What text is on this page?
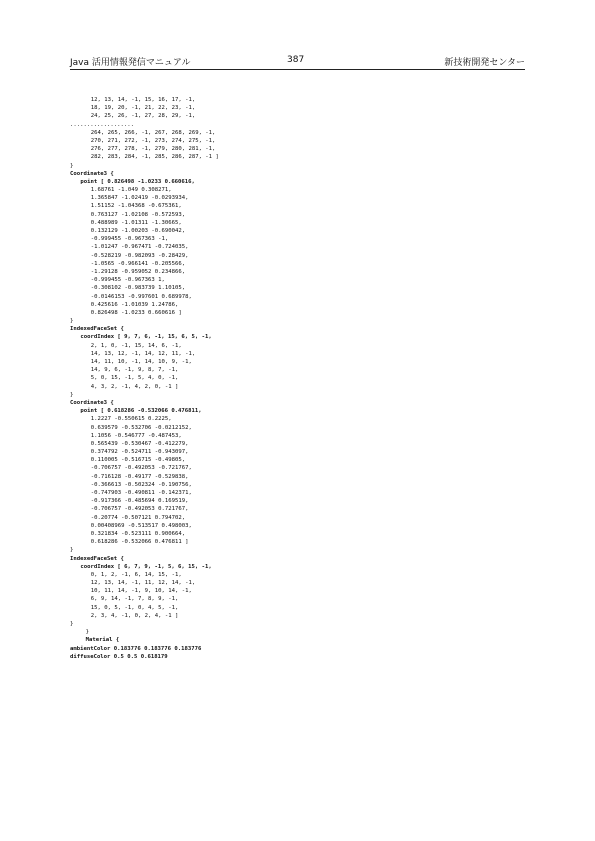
Java 活用情報発信マニュアル	387	新技術開発センター
12, 13, 14, -1, 15, 16, 17, -1,
18, 19, 20, -1, 21, 22, 23, -1,
24, 25, 26, -1, 27, 28, 29, -1,
...................
264, 265, 266, -1, 267, 268, 269, -1,
270, 271, 272, -1, 273, 274, 275, -1,
276, 277, 278, -1, 279, 280, 281, -1,
282, 283, 284, -1, 285, 286, 287, -1 ]
}
Coordinate3 {
point [ 0.826498 -1.0233 0.660616,
1.68761 -1.049 0.308271,
1.365847 -1.02419 -0.0293934,
1.51152 -1.04368 -0.675361,
0.763127 -1.02108 -0.572593,
0.488989 -1.01311 -1.30665,
0.132129 -1.00203 -0.690042,
-0.999455 -0.967363 -1,
-1.01247 -0.967471 -0.724035,
-0.528219 -0.982093 -0.28429,
-1.0565 -0.966141 -0.205566,
-1.29128 -0.959052 0.234866,
-0.999455 -0.967363 1,
-0.308102 -0.983739 1.10105,
-0.0146153 -0.997601 0.689978,
0.425616 -1.01039 1.24786,
0.826498 -1.0233 0.660616 ]
}
IndexedFaceSet {
coordIndex [ 9, 7, 6, -1, 15, 6, 5, -1,
2, 1, 0, -1, 15, 14, 6, -1,
14, 13, 12, -1, 14, 12, 11, -1,
14, 11, 10, -1, 14, 10, 9, -1,
14, 9, 6, -1, 9, 8, 7, -1,
5, 0, 15, -1, 5, 4, 0, -1,
4, 3, 2, -1, 4, 2, 0, -1 ]
}
Coordinate3 {
point [ 0.618286 -0.532066 0.476811,
1.2227 -0.550615 0.2225,
0.639579 -0.532706 -0.0212152,
1.1056 -0.546777 -0.487453,
0.565439 -0.530467 -0.412279,
0.374792 -0.524711 -0.943097,
0.110005 -0.516715 -0.49805,
-0.706757 -0.492053 -0.721767,
-0.716128 -0.49177 -0.529838,
-0.366613 -0.502324 -0.190756,
-0.747903 -0.490811 -0.142371,
-0.917366 -0.485694 0.169519,
-0.706757 -0.492053 0.721767,
-0.20774 -0.507121 0.794702,
0.00408969 -0.513517 0.498003,
0.321834 -0.523111 0.900664,
0.618286 -0.532066 0.476811 ]
}
IndexedFaceSet {
coordIndex [ 6, 7, 9, -1, 5, 6, 15, -1,
0, 1, 2, -1, 6, 14, 15, -1,
12, 13, 14, -1, 11, 12, 14, -1,
10, 11, 14, -1, 9, 10, 14, -1,
6, 9, 14, -1, 7, 8, 9, -1,
15, 0, 5, -1, 0, 4, 5, -1,
2, 3, 4, -1, 0, 2, 4, -1 ]
}
}
Material {
ambientColor 0.183776 0.183776 0.183776
diffuseColor 0.5 0.5 0.618179
